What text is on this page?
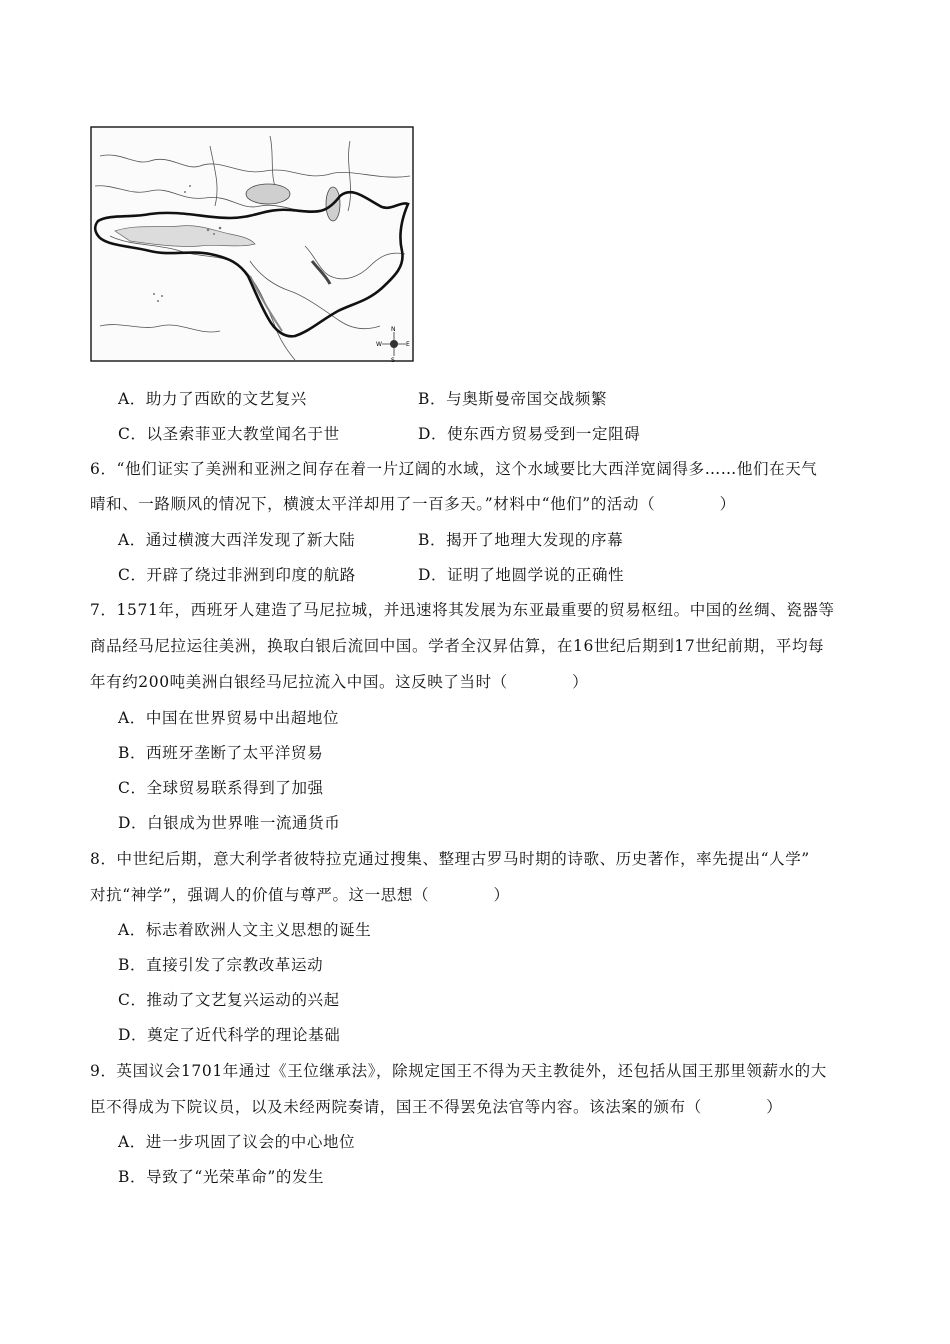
N
S
W	E
A．助力了西欧的文艺复兴	B．与奥斯曼帝国交战频繁
C．以圣索菲亚大教堂闻名于世	D．使东西方贸易受到一定阻碍
6．“他们证实了美洲和亚洲之间存在着一片辽阔的水域，这个水域要比大西洋宽阔得多……他们在天气
晴和、一路顺风的情况下，横渡太平洋却用了一百多天。”材料中“他们”的活动（　　　　）
A．通过横渡大西洋发现了新大陆	B．揭开了地理大发现的序幕
C．开辟了绕过非洲到印度的航路	D．证明了地圆学说的正确性
7．1571年，西班牙人建造了马尼拉城，并迅速将其发展为东亚最重要的贸易枢纽。中国的丝绸、瓷器等
商品经马尼拉运往美洲，换取白银后流回中国。学者全汉昇估算，在16世纪后期到17世纪前期，平均每
年有约200吨美洲白银经马尼拉流入中国。这反映了当时（　　　　）
A．中国在世界贸易中出超地位
B．西班牙垄断了太平洋贸易
C．全球贸易联系得到了加强
D．白银成为世界唯一流通货币
8．中世纪后期，意大利学者彼特拉克通过搜集、整理古罗马时期的诗歌、历史著作，率先提出“人学”
对抗“神学”，强调人的价值与尊严。这一思想（　　　　）
A．标志着欧洲人文主义思想的诞生
B．直接引发了宗教改革运动
C．推动了文艺复兴运动的兴起
D．奠定了近代科学的理论基础
9．英国议会1701年通过《王位继承法》，除规定国王不得为天主教徒外，还包括从国王那里领薪水的大
臣不得成为下院议员，以及未经两院奏请，国王不得罢免法官等内容。该法案的颁布（　　　　）
A．进一步巩固了议会的中心地位
B．导致了“光荣革命”的发生
